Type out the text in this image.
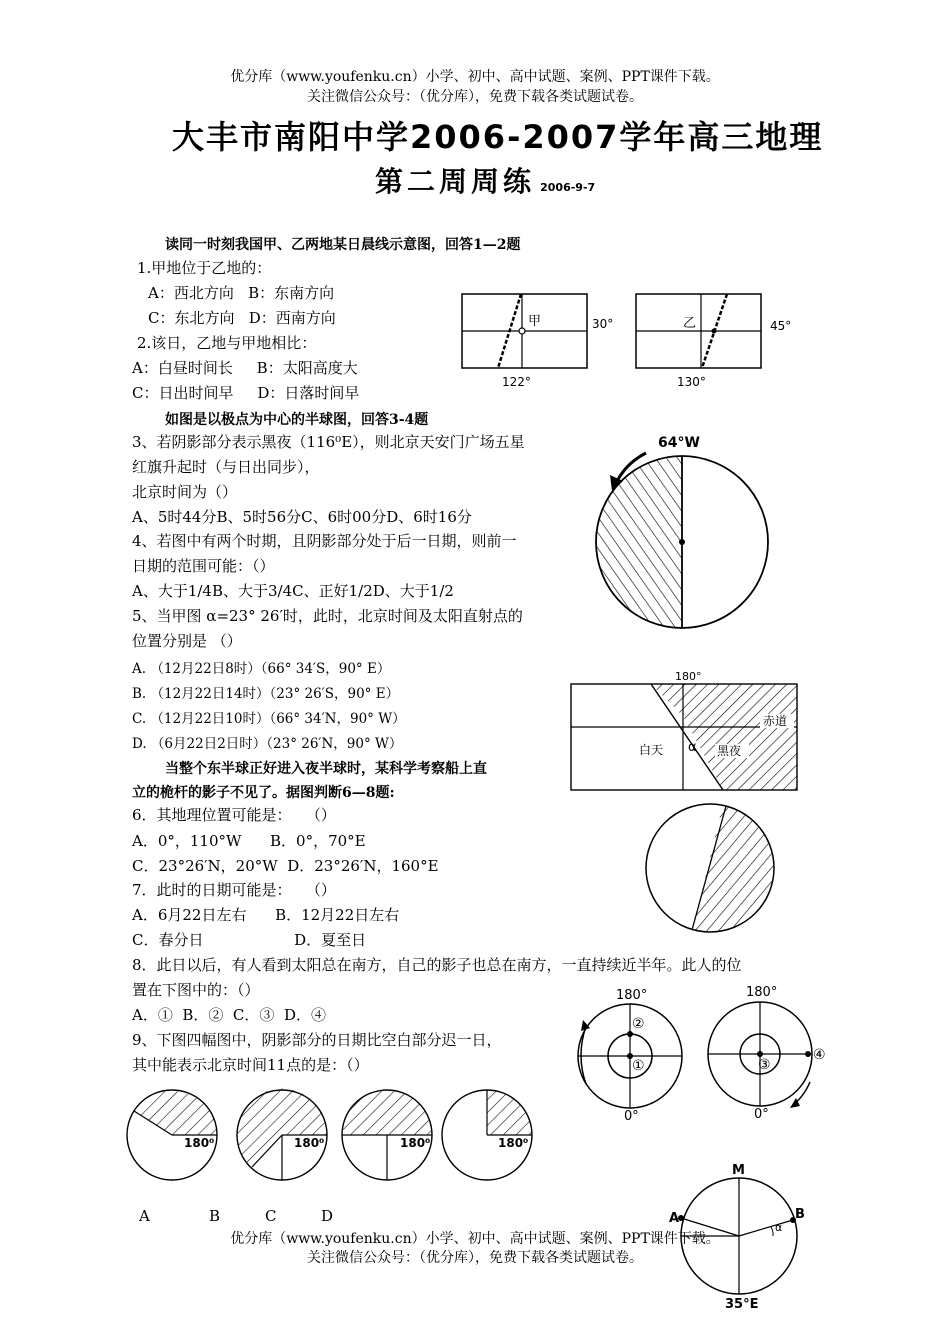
优分库（www.youfenku.cn）小学、初中、高中试题、案例、PPT课件下载。
关注微信公众号：（优分库），免费下载各类试题试卷。
大丰市南阳中学2006-2007学年高三地理
第二周周练 2006-9-7
读同一时刻我国甲、乙两地某日晨线示意图，回答1—2题
1.甲地位于乙地的：
A：西北方向   B：东南方向
C：东北方向   D：西南方向
2.该日，乙地与甲地相比：
A：白昼时间长     B：太阳高度大
C：日出时间早     D：日落时间早
甲	30°
122°
乙	45°
130°
如图是以极点为中心的半球图，回答3-4题
3、若阴影部分表示黑夜（116⁰E），则北京天安门广场五星
红旗升起时（与日出同步），
北京时间为（）
A、5时44分B、5时56分C、6时00分D、6时16分
4、若图中有两个时期，且阴影部分处于后一日期，则前一
日期的范围可能：（）
A、大于1/4B、大于3/4C、正好1/2D、大于1/2
5、当甲图 α=23° 26′时，此时，北京时间及太阳直射点的
位置分别是 （）
A. （12月22日8时）（66° 34′S，90° E）
B. （12月22日14时）（23° 26′S，90° E）
C. （12月22日10时）（66° 34′N，90° W）
D. （6月22日2日时）（23° 26′N，90° W）
64°W
180°
赤道
白天 α 黑夜
当整个东半球正好进入夜半球时，某科学考察船上直
立的桅杆的影子不见了。据图判断6—8题:
6．其地理位置可能是：   （）
A．0°，110°W      B．0°，70°E
C．23°26′N，20°W  D．23°26′N，160°E
7．此时的日期可能是：   （）
A．6月22日左右      B．12月22日左右
C．春分日                   D．夏至日
8．此日以后，有人看到太阳总在南方，自己的影子也总在南方，一直持续近半年。此人的位
置在下图中的：（）
A．①  B．②  C．③  D．④
9、下图四幅图中，阴影部分的日期比空白部分迟一日，
其中能表示北京时间11点的是：（）
180°
0°
②
①
180°
0°
③
④
180⁰	180⁰	180⁰	180⁰
A	B	C	D
M
A	B
α
35°E
优分库（www.youfenku.cn）小学、初中、高中试题、案例、PPT课件下载。
关注微信公众号：（优分库），免费下载各类试题试卷。
